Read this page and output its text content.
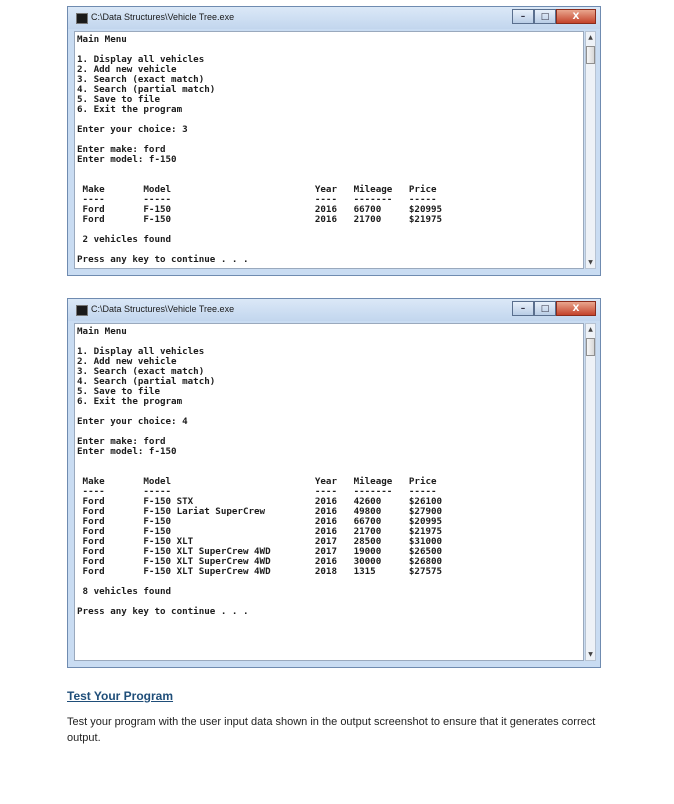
C:\Data Structures\Vehicle Tree.exe	–	□	X
Main Menu

1. Display all vehicles
2. Add new vehicle
3. Search (exact match)
4. Search (partial match)
5. Save to file
6. Exit the program

Enter your choice: 3

Enter make: ford
Enter model: f-150

Make       Model                          Year   Mileage   Price
----       -----                          ----   -------   -----
Ford       F-150                          2016   66700     $20995
Ford       F-150                          2016   21700     $21975

2 vehicles found

Press any key to continue . . .
▲
▼
C:\Data Structures\Vehicle Tree.exe	–	□	X
Main Menu

1. Display all vehicles
2. Add new vehicle
3. Search (exact match)
4. Search (partial match)
5. Save to file
6. Exit the program

Enter your choice: 4

Enter make: ford
Enter model: f-150

Make       Model                          Year   Mileage   Price
----       -----                          ----   -------   -----
Ford       F-150 STX                      2016   42600     $26100
Ford       F-150 Lariat SuperCrew         2016   49800     $27900
Ford       F-150                          2016   66700     $20995
Ford       F-150                          2016   21700     $21975
Ford       F-150 XLT                      2017   28500     $31000
Ford       F-150 XLT SuperCrew 4WD        2017   19000     $26500
Ford       F-150 XLT SuperCrew 4WD        2016   30000     $26800
Ford       F-150 XLT SuperCrew 4WD        2018   1315      $27575

8 vehicles found

Press any key to continue . . .
▲
▼
Test Your Program

Test your program with the user input data shown in the output screenshot to ensure that it generates correct output.
